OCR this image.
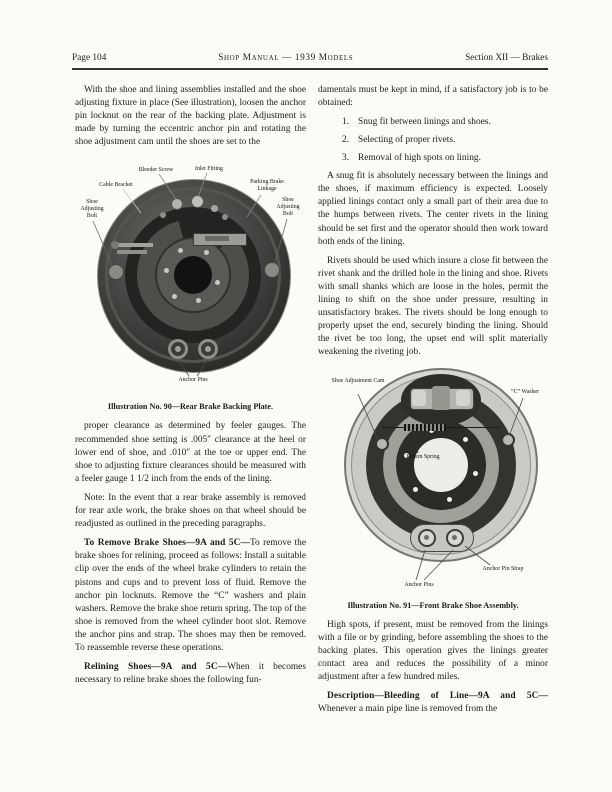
Page 104	Shop Manual — 1939 Models	Section XII — Brakes

With the shoe and lining assemblies installed and the shoe adjusting fixture in place (See illustration), loosen the anchor pin locknut on the rear of the backing plate. Adjustment is made by turning the eccentric anchor pin and rotating the shoe adjustment cam until the shoes are set to the

Cable Bracket
Bleeder Screw	Inlet Fitting
Parking Brake Linkage
Shoe Adjusting Bolt
Shoe Adjusting Bolt
Anchor Pins
Illustration No. 90—Rear Brake Backing Plate.

proper clearance as determined by feeler gauges. The recommended shoe setting is .005″ clearance at the heel or lower end of shoe, and .010″ at the toe or upper end. The shoe to adjusting fixture clearances should be measured with a feeler gauge 1 1/2 inch from the ends of the lining.

Note: In the event that a rear brake assembly is removed for rear axle work, the brake shoes on that wheel should be readjusted as outlined in the preceding paragraphs.

To Remove Brake Shoes—9A and 5C—To remove the brake shoes for relining, proceed as follows: Install a suitable clip over the ends of the wheel brake cylinders to retain the pistons and cups and to prevent loss of fluid. Remove the anchor pin locknuts. Remove the “C” washers and plain washers. Remove the brake shoe return spring. The top of the shoe is removed from the wheel cylinder boot slot. Remove the anchor pins and strap. The shoes may then be removed. To reassemble reverse these operations.

Relining Shoes—9A and 5C—When it becomes necessary to reline brake shoes the following fun-

damentals must be kept in mind, if a satisfactory job is to be obtained:

1. Snug fit between linings and shoes.
2. Selecting of proper rivets.
3. Removal of high spots on lining.

A snug fit is absolutely necessary between the linings and the shoes, if maximum efficiency is expected. Loosely applied linings contact only a small part of their area due to the humps between rivets. The center rivets in the lining should be set first and the operator should then work toward both ends of the lining.

Rivets should be used which insure a close fit between the rivet shank and the drilled hole in the lining and shoe. Rivets with small shanks which are loose in the holes, permit the lining to shift on the shoe under pressure, resulting in unsatisfactory brakes. The rivets should be long enough to properly upset the end, securely binding the lining. Should the rivet be too long, the upset end will split materially weakening the riveting job.

Shoe Adjustment Cam
“C” Washer
Return Spring
Anchor Pin Strap
Anchor Pins
Illustration No. 91—Front Brake Shoe Assembly.

High spots, if present, must be removed from the linings with a file or by grinding, before assembling the shoes to the backing plates. This operation gives the linings greater contact area and reduces the possibility of a minor adjustment after a few hundred miles.

Description—Bleeding of Line—9A and 5C—Whenever a main pipe line is removed from the
